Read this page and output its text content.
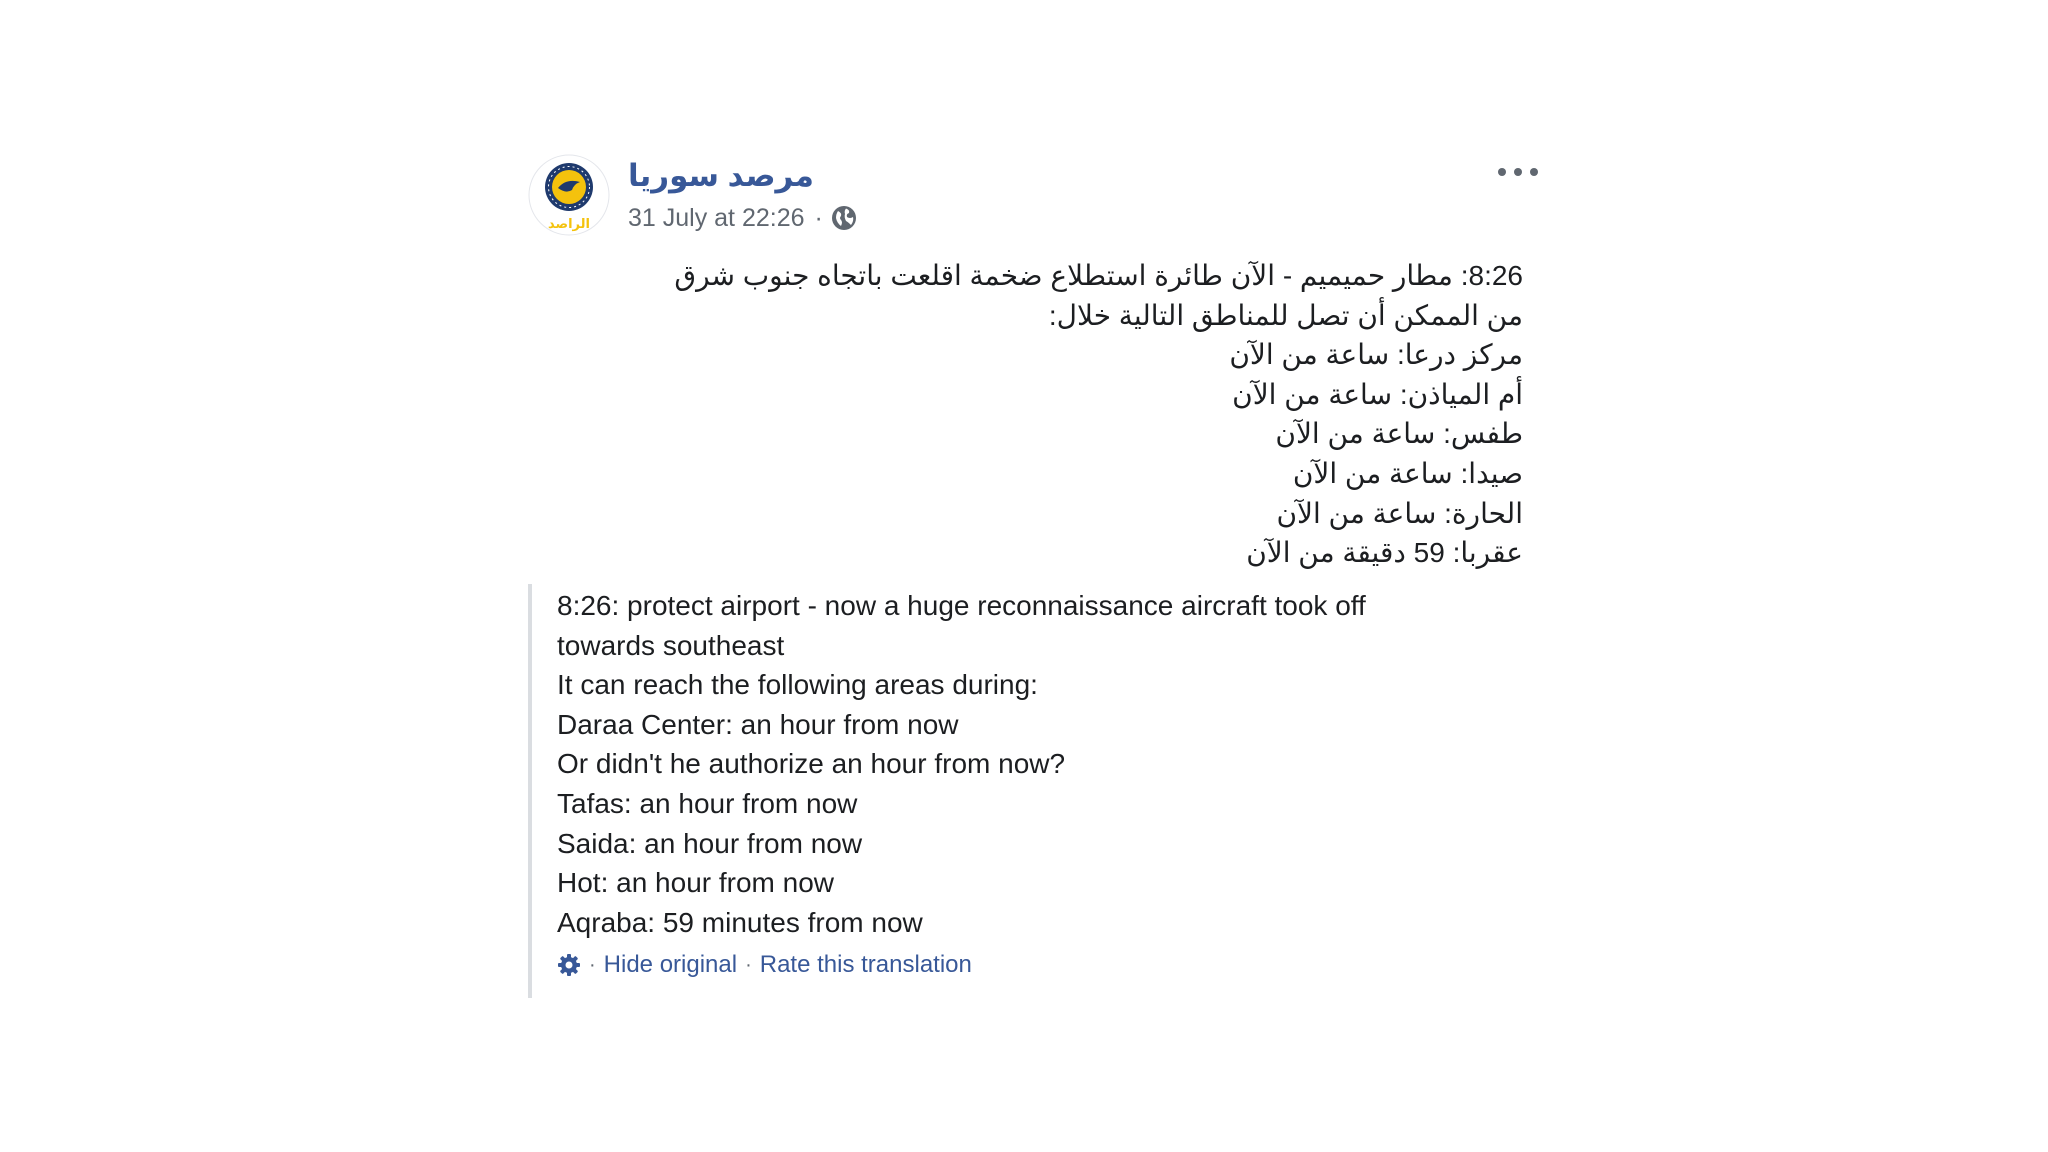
الراصد
مرصد سوريا
31 July at 22:26 ·
8:26: مطار حميميم - الآن طائرة استطلاع ضخمة اقلعت باتجاه جنوب شرق
من الممكن أن تصل للمناطق التالية خلال:
مركز درعا: ساعة من الآن
أم المياذن: ساعة من الآن
طفس: ساعة من الآن
صيدا: ساعة من الآن
الحارة: ساعة من الآن
عقربا: 59 دقيقة من الآن
8:26: protect airport - now a huge reconnaissance aircraft took off
towards southeast
It can reach the following areas during:
Daraa Center: an hour from now
Or didn't he authorize an hour from now?
Tafas: an hour from now
Saida: an hour from now
Hot: an hour from now
Aqraba: 59 minutes from now
· Hide original · Rate this translation
